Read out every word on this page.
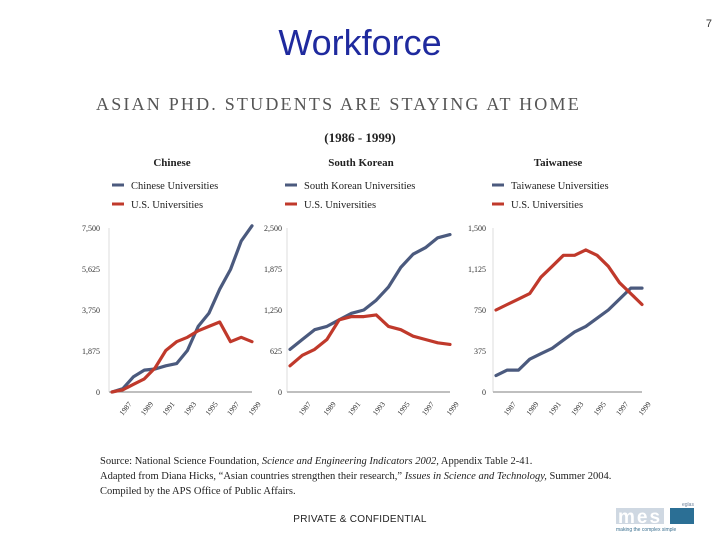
Workforce	7
ASIAN PHD. STUDENTS ARE STAYING AT HOME
(1986 - 1999)
Chinese
Chinese Universities
U.S. Universities
0
1,875
3,750
5,625
7,500
1987 1989 1991 1993 1995 1997 1999
South Korean
South Korean Universities
U.S. Universities
0
625
1,250
1,875
2,500
1987 1989 1991 1993 1995 1997 1999
Taiwanese
Taiwanese Universities
U.S. Universities
0
375
750
1,125
1,500
1987 1989 1991 1993 1995 1997 1999
Source: National Science Foundation, Science and Engineering Indicators 2002, Appendix Table 2-41.
Adapted from Diana Hicks, “Asian countries strengthen their research,” Issues in Science and Technology, Summer 2004.
Compiled by the APS Office of Public Affairs.
PRIVATE & CONFIDENTIAL
eglas
mes
making the complex simple
